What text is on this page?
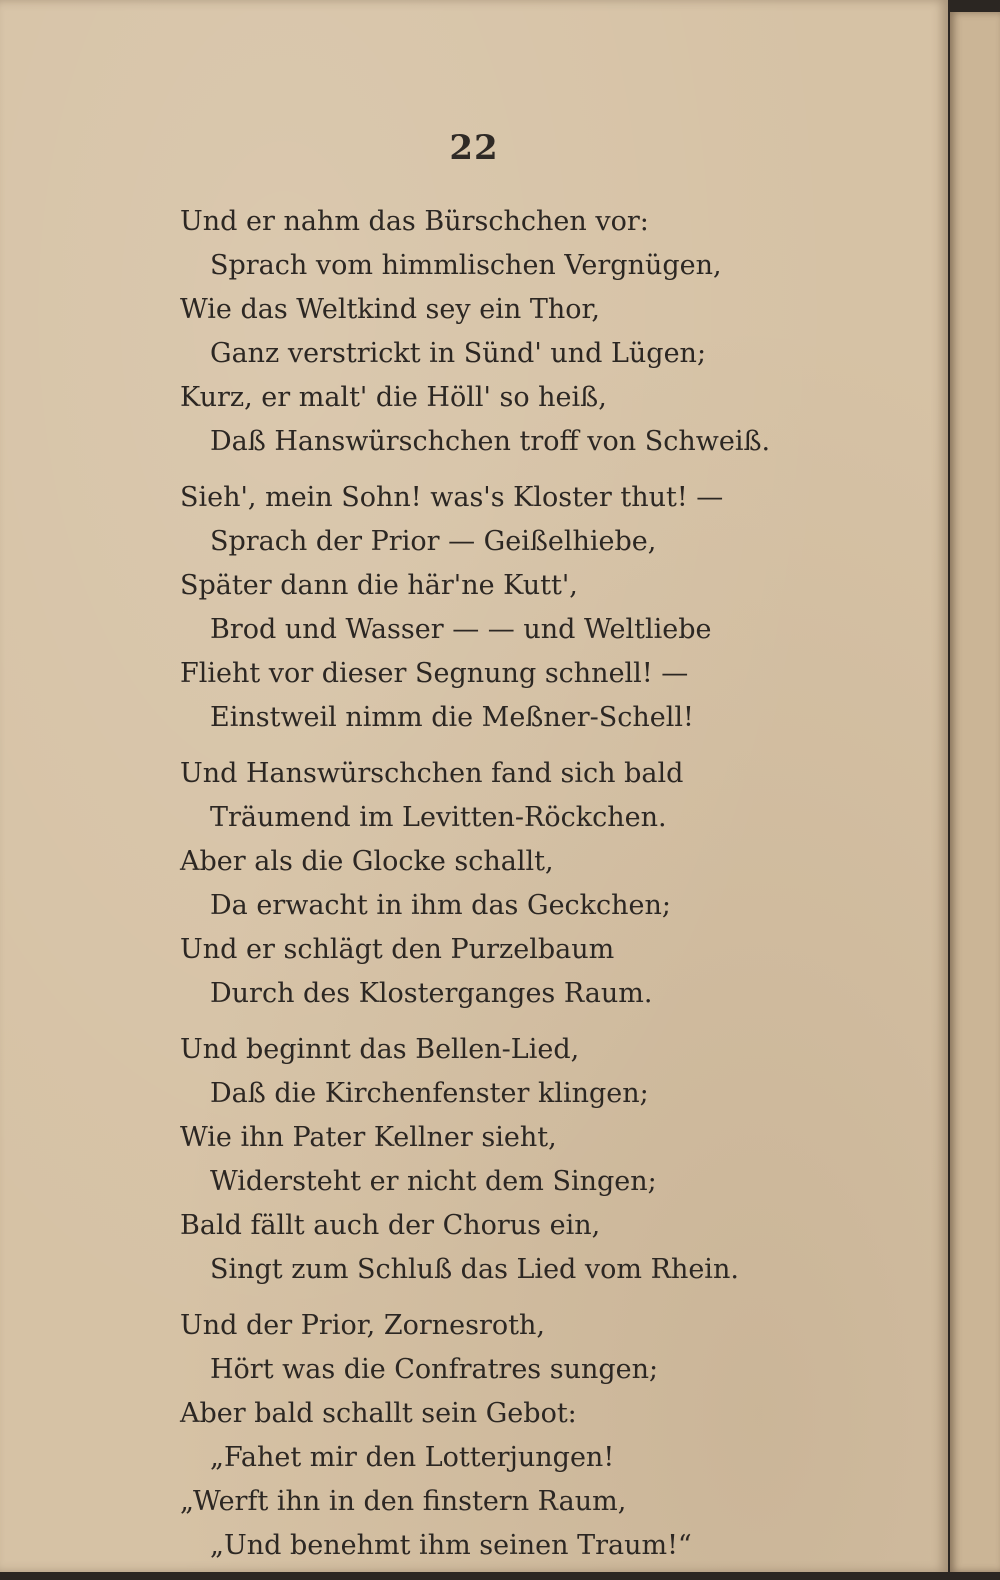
22
Und er nahm das Bürschchen vor:
Sprach vom himmlischen Vergnügen,
Wie das Weltkind sey ein Thor,
Ganz verstrickt in Sünd' und Lügen;
Kurz, er malt' die Höll' so heiß,
Daß Hanswürschchen troff von Schweiß.
Sieh', mein Sohn! was's Kloster thut! —
Sprach der Prior — Geißelhiebe,
Später dann die här'ne Kutt',
Brod und Wasser — — und Weltliebe
Flieht vor dieser Segnung schnell! —
Einstweil nimm die Meßner-Schell!
Und Hanswürschchen fand sich bald
Träumend im Levitten-Röckchen.
Aber als die Glocke schallt,
Da erwacht in ihm das Geckchen;
Und er schlägt den Purzelbaum
Durch des Klosterganges Raum.
Und beginnt das Bellen-Lied,
Daß die Kirchenfenster klingen;
Wie ihn Pater Kellner sieht,
Widersteht er nicht dem Singen;
Bald fällt auch der Chorus ein,
Singt zum Schluß das Lied vom Rhein.
Und der Prior, Zornesroth,
Hört was die Confratres sungen;
Aber bald schallt sein Gebot:
„Fahet mir den Lotterjungen!
„Werft ihn in den finstern Raum,
„Und benehmt ihm seinen Traum!“
